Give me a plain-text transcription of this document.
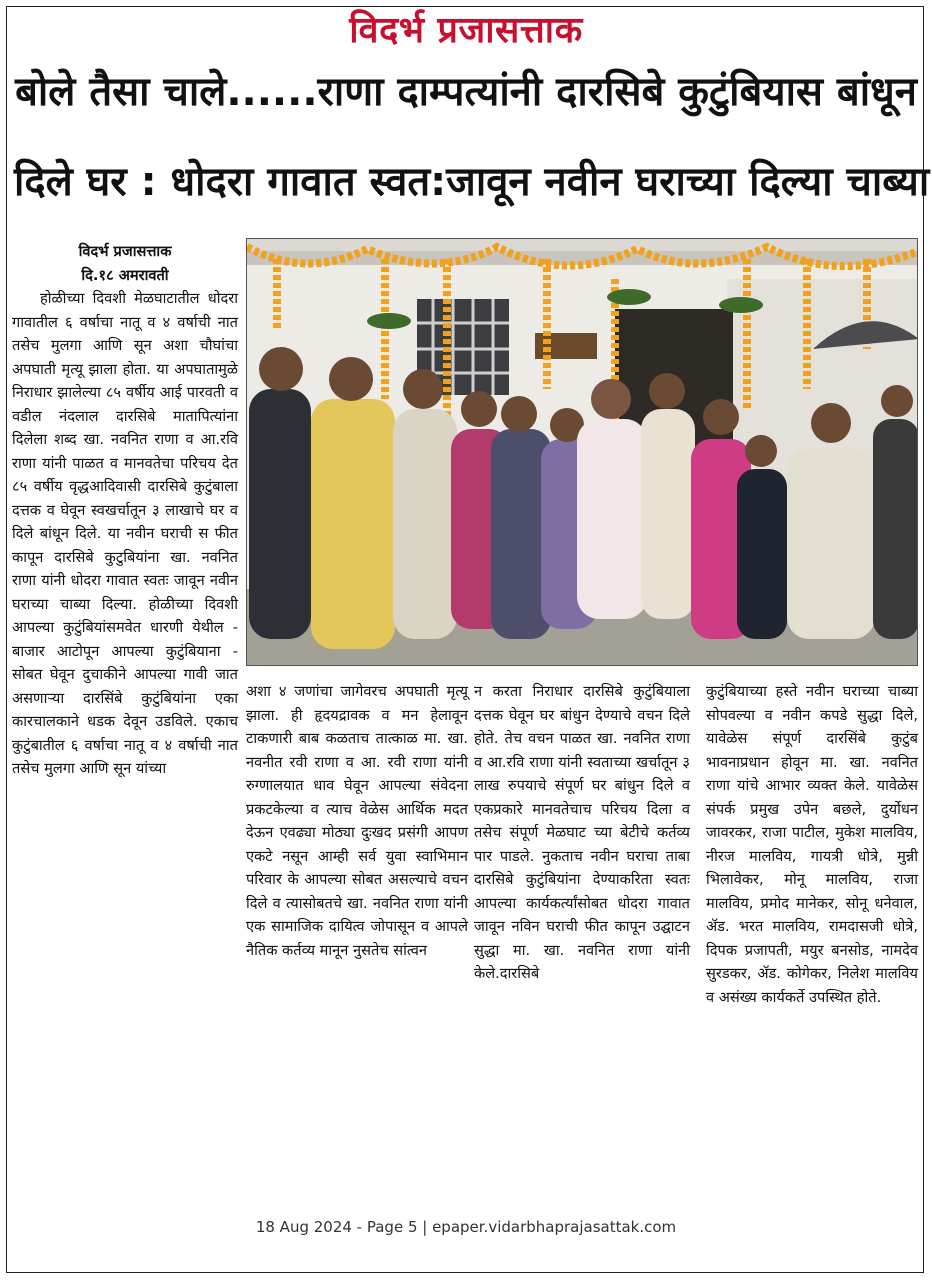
विदर्भ प्रजासत्ताक
बोले तैसा चाले......राणा दाम्पत्यांनी दारसिबे कुटुंबियास बांधून
दिले घर : धोदरा गावात स्वत:जावून नवीन घराच्या दिल्या चाब्या

विदर्भ प्रजासत्ताक

दि.१८ अमरावती

होळीच्या दिवशी मेळघाटातील धोदरा गावातील ६ वर्षाचा नातू व ४ वर्षाची नात तसेच मुलगा आणि सून अशा चौघांचा अपघाती मृत्यू झाला होता. या अपघातामुळे निराधार झालेल्या ८५ वर्षीय आई पारवती व वडील नंदलाल दारसिबे मातापित्यांना दिलेला शब्द खा. नवनित राणा व आ.रवि राणा यांनी पाळत व मानवतेचा परिचय देत ८५ वर्षीय वृद्धआदिवासी दारसिबे कुटुंबाला दत्तक व घेवून स्वखर्चातून ३ लाखाचे घर व दिले बांधून दिले. या नवीन घराची स फीत कापून दारसिबे कुटुबियांना खा. नवनित राणा यांनी धोदरा गावात स्वतः जावून नवीन घराच्या चाब्या दिल्या. होळीच्या दिवशी आपल्या कुटुंबियांसमवेत धारणी येथील - बाजार आटोपून आपल्या कुटुंबियाना - सोबत घेवून दुचाकीने आपल्या गावी जात असणाऱ्या दारसिंबे कुटुंबियांना एका कारचालकाने धडक देवून उडविले. एकाच कुटुंबातील ६ वर्षाचा नातू व ४ वर्षाची नात तसेच मुलगा आणि सून यांच्या

अशा ४ जणांचा जागेवरच अपघाती मृत्यू झाला. ही हृदयद्रावक व मन हेलावून टाकणारी बाब कळताच तात्काळ मा. खा. नवनीत रवी राणा व आ. रवी राणा यांनी रुग्णालयात धाव घेवून आपल्या संवेदना प्रकटकेल्या व त्याच वेळेस आर्थिक मदत देऊन एवढ्या मोठ्या दुःखद प्रसंगी आपण एकटे नसून आम्ही सर्व युवा स्वाभिमान परिवार के आपल्या सोबत असल्याचे वचन दिले व त्यासोबतचे खा. नवनित राणा यांनी एक सामाजिक दायित्व जोपासून व आपले नैतिक कर्तव्य मानून नुसतेच सांत्वन

न करता निराधार दारसिबे कुटुंबियाला दत्तक घेवून घर बांधुन देण्याचे वचन दिले होते. तेच वचन पाळत खा. नवनित राणा व आ.रवि राणा यांनी स्वताच्या खर्चातून ३ लाख रुपयाचे संपूर्ण घर बांधुन दिले व एकप्रकारे मानवतेचाच परिचय दिला व तसेच संपूर्ण मेळघाट च्या बेटीचे कर्तव्य पार पाडले. नुकताच नवीन घराचा ताबा दारसिबे कुटुंबियांना देण्याकरिता स्वतः आपल्या कार्यकर्त्यांसोबत धोदरा गावात जावून नविन घराची फीत कापून उद्घाटन सुद्धा मा. खा. नवनित राणा यांनी केले.दारसिबे

कुटुंबियाच्या हस्ते नवीन घराच्या चाब्या सोपवल्या व नवीन कपडे सुद्धा दिले, यावेळेस संपूर्ण दारसिंबे कुटुंब भावनाप्रधान होवून मा. खा. नवनित राणा यांचे आभार व्यक्त केले. यावेळेस संपर्क प्रमुख उपेन बछले, दुर्योधन जावरकर, राजा पाटील, मुकेश मालविय, नीरज मालविय, गायत्री धोत्रे, मुन्नी भिलावेकर, मोनू मालविय, राजा मालविय, प्रमोद मानेकर, सोनू धनेवाल, ॲड. भरत मालविय, रामदासजी धोत्रे, दिपक प्रजापती, मयुर बनसोड, नामदेव सुरडकर, ॲड. कोगेकर, निलेश मालविय व असंख्य कार्यकर्ते उपस्थित होते.

18 Aug 2024 - Page 5 | epaper.vidarbhaprajasattak.com
